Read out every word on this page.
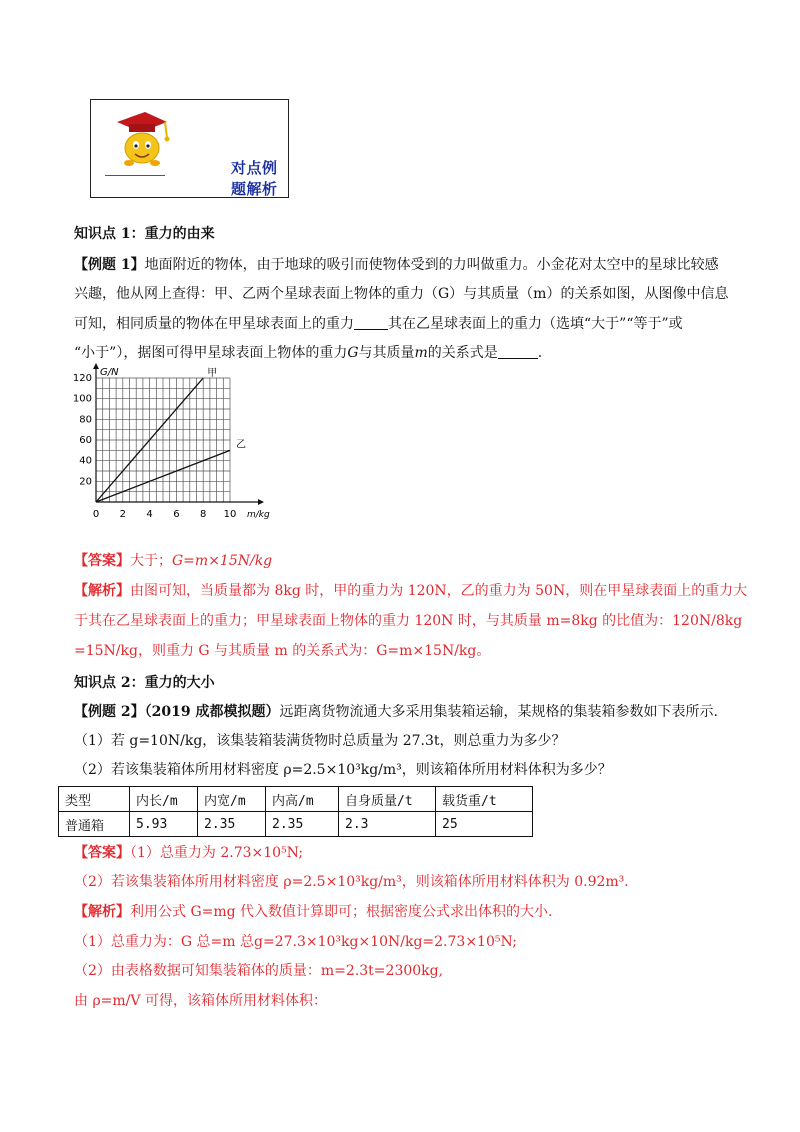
对点例题解析
知识点 1：重力的由来
【例题 1】地面附近的物体，由于地球的吸引而使物体受到的力叫做重力。小金花对太空中的星球比较感
兴趣，他从网上查得：甲、乙两个星球表面上物体的重力（G）与其质量（m）的关系如图，从图像中信息
可知，相同质量的物体在甲星球表面上的重力 其在乙星球表面上的重力（选填“大于”“等于”或
“小于”），据图可得甲星球表面上物体的重力G与其质量m的关系式是	.
0 2 4 6 8 10
20
40
60
80
100
120
G/N
m/kg
甲
乙
【答案】大于；G=m×15N/kg
【解析】由图可知，当质量都为 8kg 时，甲的重力为 120N，乙的重力为 50N，则在甲星球表面上的重力大
于其在乙星球表面上的重力；甲星球表面上物体的重力 120N 时，与其质量 m=8kg 的比值为：120N/8kg
=15N/kg，则重力 G 与其质量 m 的关系式为：G=m×15N/kg。
知识点 2：重力的大小
【例题 2】（2019 成都模拟题）远距离货物流通大多采用集装箱运输，某规格的集装箱参数如下表所示.
（1）若 g=10N/kg，该集装箱装满货物时总质量为 27.3t，则总重力为多少？
（2）若该集装箱体所用材料密度 ρ=2.5×10³kg/m³，则该箱体所用材料体积为多少？
类型	内长/m	内宽/m	内高/m	自身质量/t	载货重/t
普通箱	5.93	2.35	2.35	2.3	25
【答案】（1）总重力为 2.73×10⁵N;
（2）若该集装箱体所用材料密度 ρ=2.5×10³kg/m³，则该箱体所用材料体积为 0.92m³.
【解析】利用公式 G=mg 代入数值计算即可；根据密度公式求出体积的大小.
（1）总重力为：G 总=m 总g=27.3×10³kg×10N/kg=2.73×10⁵N;
（2）由表格数据可知集装箱体的质量：m=2.3t=2300kg,
由 ρ=m/V 可得，该箱体所用材料体积：
